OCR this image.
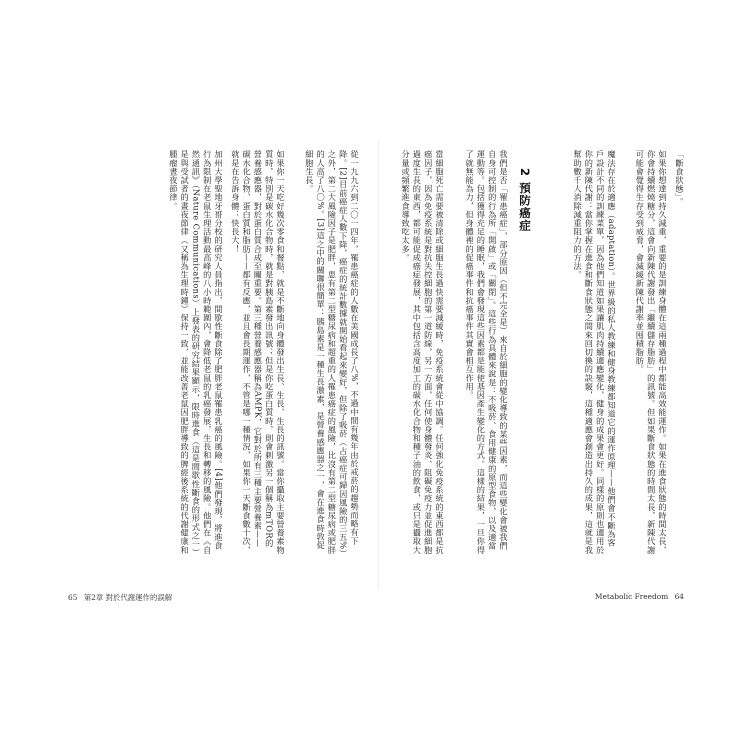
「斷食狀態」。
如果你想達到持久減重，重要的是訓練身體在這兩種過程中都能高效能運作。如果在進食狀態的時間太長，你會持續燃燒糖分，這會向新陳代謝發出「繼續儲存脂肪」的訊號。但如果斷食狀態的時間太長，新陳代謝可能會覺得生存受到威脅，會減緩新陳代謝率並囤積脂肪。
魔法存在於適應（adaptation）。世界級的私人教練和健身教練都知道它的運作原理——他們會不斷為客戶設計不同的訓練菜單，因為他們知道如果讓肌肉持續適應變化，健身的成果會更好。同樣的原則也適用於你的新陳代謝：當你掌握在進食和斷食狀態之間來回切換的訣竅，這種適應會創造出持久的成果，這就是我幫助數千人消除減重阻力的方法。
2 預防癌症
我們是否「罹患癌症」，部分原因（但不完全是）來自於細胞的變化導致的某些因素，而這些變化會被我們自身可控制的行為所「開啟」或「關閉」。這些行為具體來說是：不吸菸、食用健康的原型食物，以及適當運動等。包括獲得充足的睡眠，我們會發現這些因素都是能使基因產生變化的方式。這樣的結果，一旦你得了就無能為力，但身體裡的促癌事件和抗癌事件其實會相互作用。
當細胞死亡需要被清除或細胞生長過快需要減緩時，免疫系統會從中協調。任何強化免疫系統的東西都是抗癌因子，因為免疫系統是對抗失控細胞的第一道防線，另一方面，任何使身體發炎、阻礙免疫力並促進細胞過度生長的東西，都可能促成癌症發展，其中包括含高度加工的碳水化合物和種子油的飲食，或只是攝取大分量或頻繁進食導致吃太多。
從一九九六到二〇一四年，罹患癌症的人數在美國成長了八%，不過中間有幾年由於戒菸的趨勢而略有下降。[2]目前癌症人數下降，癌症的統計數據就開始看起來變好，但除了吸菸（占癌症可歸因風險的三五%）之外，第二大風險因子是肥胖，患有第二型糖尿病和超重的人罹患癌症的風險，比沒有第二型糖尿病或肥胖的人高了八〇%。[3]這之中的關聯很簡單：胰島素是一種生長激素，是營養感應器之一，會在進食時敦促細胞生長。
如果你一天吃好幾次零食和餐點，就是不斷地向身體發出生長、生長、生長的訊號。當你攝取主要營養素物質時，特別是碳水化合物時，就是對胰島素發出訊號；但是你吃蛋白質時，則會刺激另一個稱為mTOR的營養感應器，對於蛋白質合成至關重要。第三種營養感應器稱為AMPK，它對於所有三種主要營養素——碳水化合物、蛋白質和脂肪——都有反應，並且會長期運作，不管是哪一種情況，如果你一天斷食數十次，就是在告訴身體：快長大！
加州大學聖地牙哥分校的研究人員指出，間歇性斷食除了肥胖老鼠罹患乳癌的風險。[4]他們發現，將進食行為限制在老鼠生理活動最高峰的八小時範圍內，會降低老鼠的乳癌發展，生長和轉移的風險。他們在《自然通訊》（Nature Communications）上發表的研究結果顯示，限時進食（這是間歇性斷食的形式之一）是與受試者的晝夜節律（又稱為生理時鐘）保持一致，並能改善老鼠因肥胖導致的脾經後系統的代謝健康和腫瘤晝夜節律。
65 第2章 對於代謝運作的誤解	Metabolic Freedom 64
